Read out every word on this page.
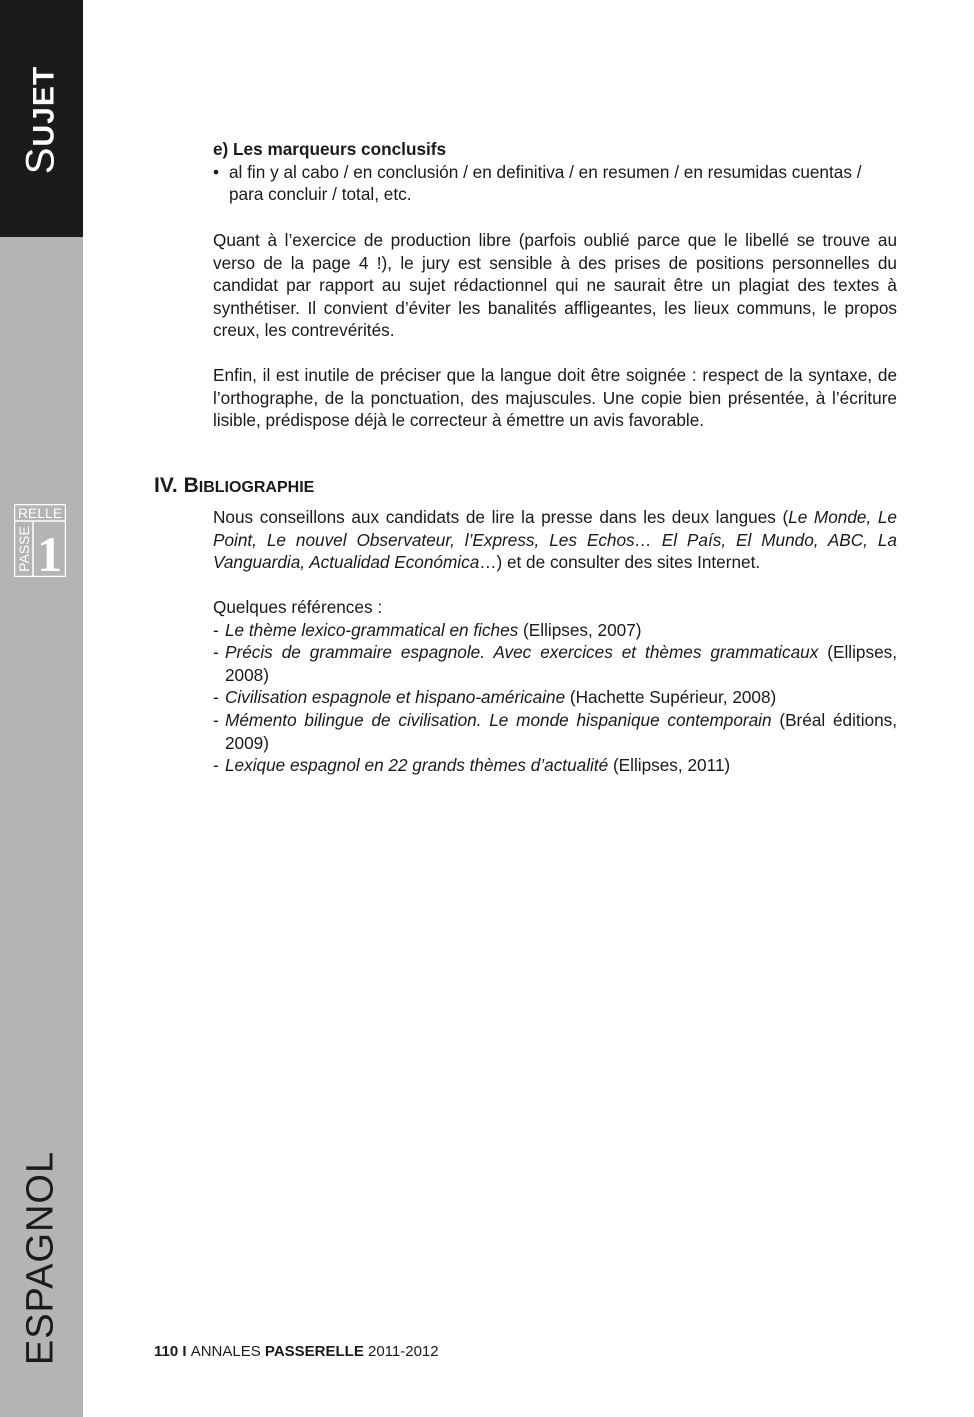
SUJET
RELLE
PASSE 1
ESPAGNOL

e) Les marqueurs conclusifs

• al fin y al cabo / en conclusión / en definitiva / en resumen / en resumidas cuentas / para concluir / total, etc.

Quant à l’exercice de production libre (parfois oublié parce que le libellé se trouve au verso de la page 4 !), le jury est sensible à des prises de positions personnelles du candidat par rapport au sujet rédactionnel qui ne saurait être un plagiat des textes à synthétiser. Il convient d’éviter les banalités affligeantes, les lieux communs, le propos creux, les contrevérités.

Enfin, il est inutile de préciser que la langue doit être soignée : respect de la syntaxe, de l’orthographe, de la ponctuation, des majuscules. Une copie bien présentée, à l’écriture lisible, prédispose déjà le correcteur à émettre un avis favorable.

IV. BIBLIOGRAPHIE

Nous conseillons aux candidats de lire la presse dans les deux langues (Le Monde, Le Point, Le nouvel Observateur, l’Express, Les Echos… El País, El Mundo, ABC, La Vanguardia, Actualidad Económica…) et de consulter des sites Internet.

Quelques références :

- Le thème lexico-grammatical en fiches (Ellipses, 2007)
- Précis de grammaire espagnole. Avec exercices et thèmes grammaticaux (Ellipses, 2008)
- Civilisation espagnole et hispano-américaine (Hachette Supérieur, 2008)
- Mémento bilingue de civilisation. Le monde hispanique contemporain (Bréal éditions, 2009)
- Lexique espagnol en 22 grands thèmes d’actualité (Ellipses, 2011)
110 I ANNALES PASSERELLE 2011-2012
